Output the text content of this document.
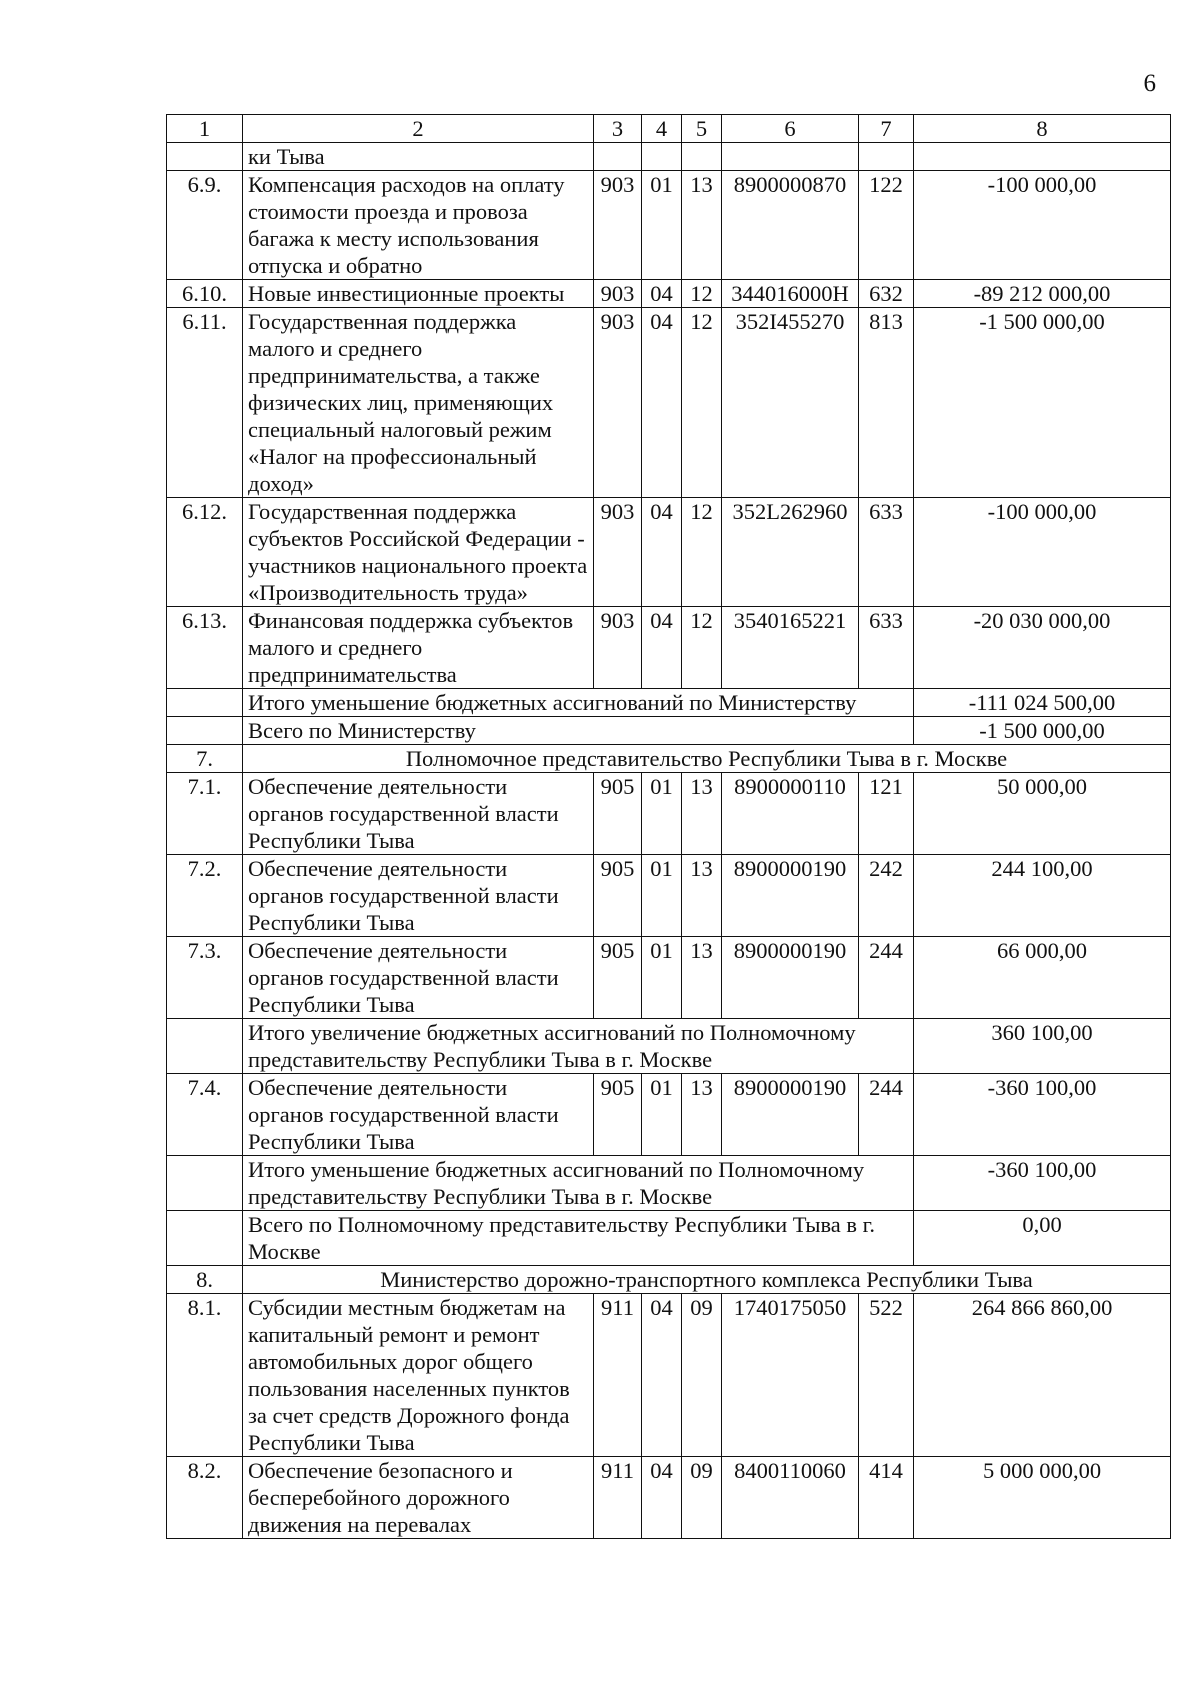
6
1	2	3	4	5	6	7	8
	ки Тыва						
6.9.	Компенсация расходов на оплату стоимости проезда и провоза багажа к месту использования отпуска и обратно	903	01	13	8900000870	122	-100 000,00
6.10.	Новые инвестиционные проекты	903	04	12	344016000H	632	-89 212 000,00
6.11.	Государственная поддержка малого и среднего предпринимательства, а также физических лиц, применяющих специальный налоговый режим «Налог на профессиональный доход»	903	04	12	352I455270	813	-1 500 000,00
6.12.	Государственная поддержка субъектов Российской Федерации - участников национального проекта «Производительность труда»	903	04	12	352L262960	633	-100 000,00
6.13.	Финансовая поддержка субъектов малого и среднего предпринимательства	903	04	12	3540165221	633	-20 030 000,00
	Итого уменьшение бюджетных ассигнований по Министерству						-111 024 500,00
	Всего по Министерству						-1 500 000,00
7.	Полномочное представительство Республики Тыва в г. Москве						
7.1.	Обеспечение деятельности органов государственной власти Республики Тыва	905	01	13	8900000110	121	50 000,00
7.2.	Обеспечение деятельности органов государственной власти Республики Тыва	905	01	13	8900000190	242	244 100,00
7.3.	Обеспечение деятельности органов государственной власти Республики Тыва	905	01	13	8900000190	244	66 000,00
	Итого увеличение бюджетных ассигнований по Полномочному представительству Республики Тыва в г. Москве						360 100,00
7.4.	Обеспечение деятельности органов государственной власти Республики Тыва	905	01	13	8900000190	244	-360 100,00
	Итого уменьшение бюджетных ассигнований по Полномочному представительству Республики Тыва в г. Москве						-360 100,00
	Всего по Полномочному представительству Республики Тыва в г. Москве						0,00
8.	Министерство дорожно-транспортного комплекса Республики Тыва						
8.1.	Субсидии местным бюджетам на капитальный ремонт и ремонт автомобильных дорог общего пользования населенных пунктов за счет средств Дорожного фонда Республики Тыва	911	04	09	1740175050	522	264 866 860,00
8.2.	Обеспечение безопасного и бесперебойного дорожного движения на перевалах	911	04	09	8400110060	414	5 000 000,00
